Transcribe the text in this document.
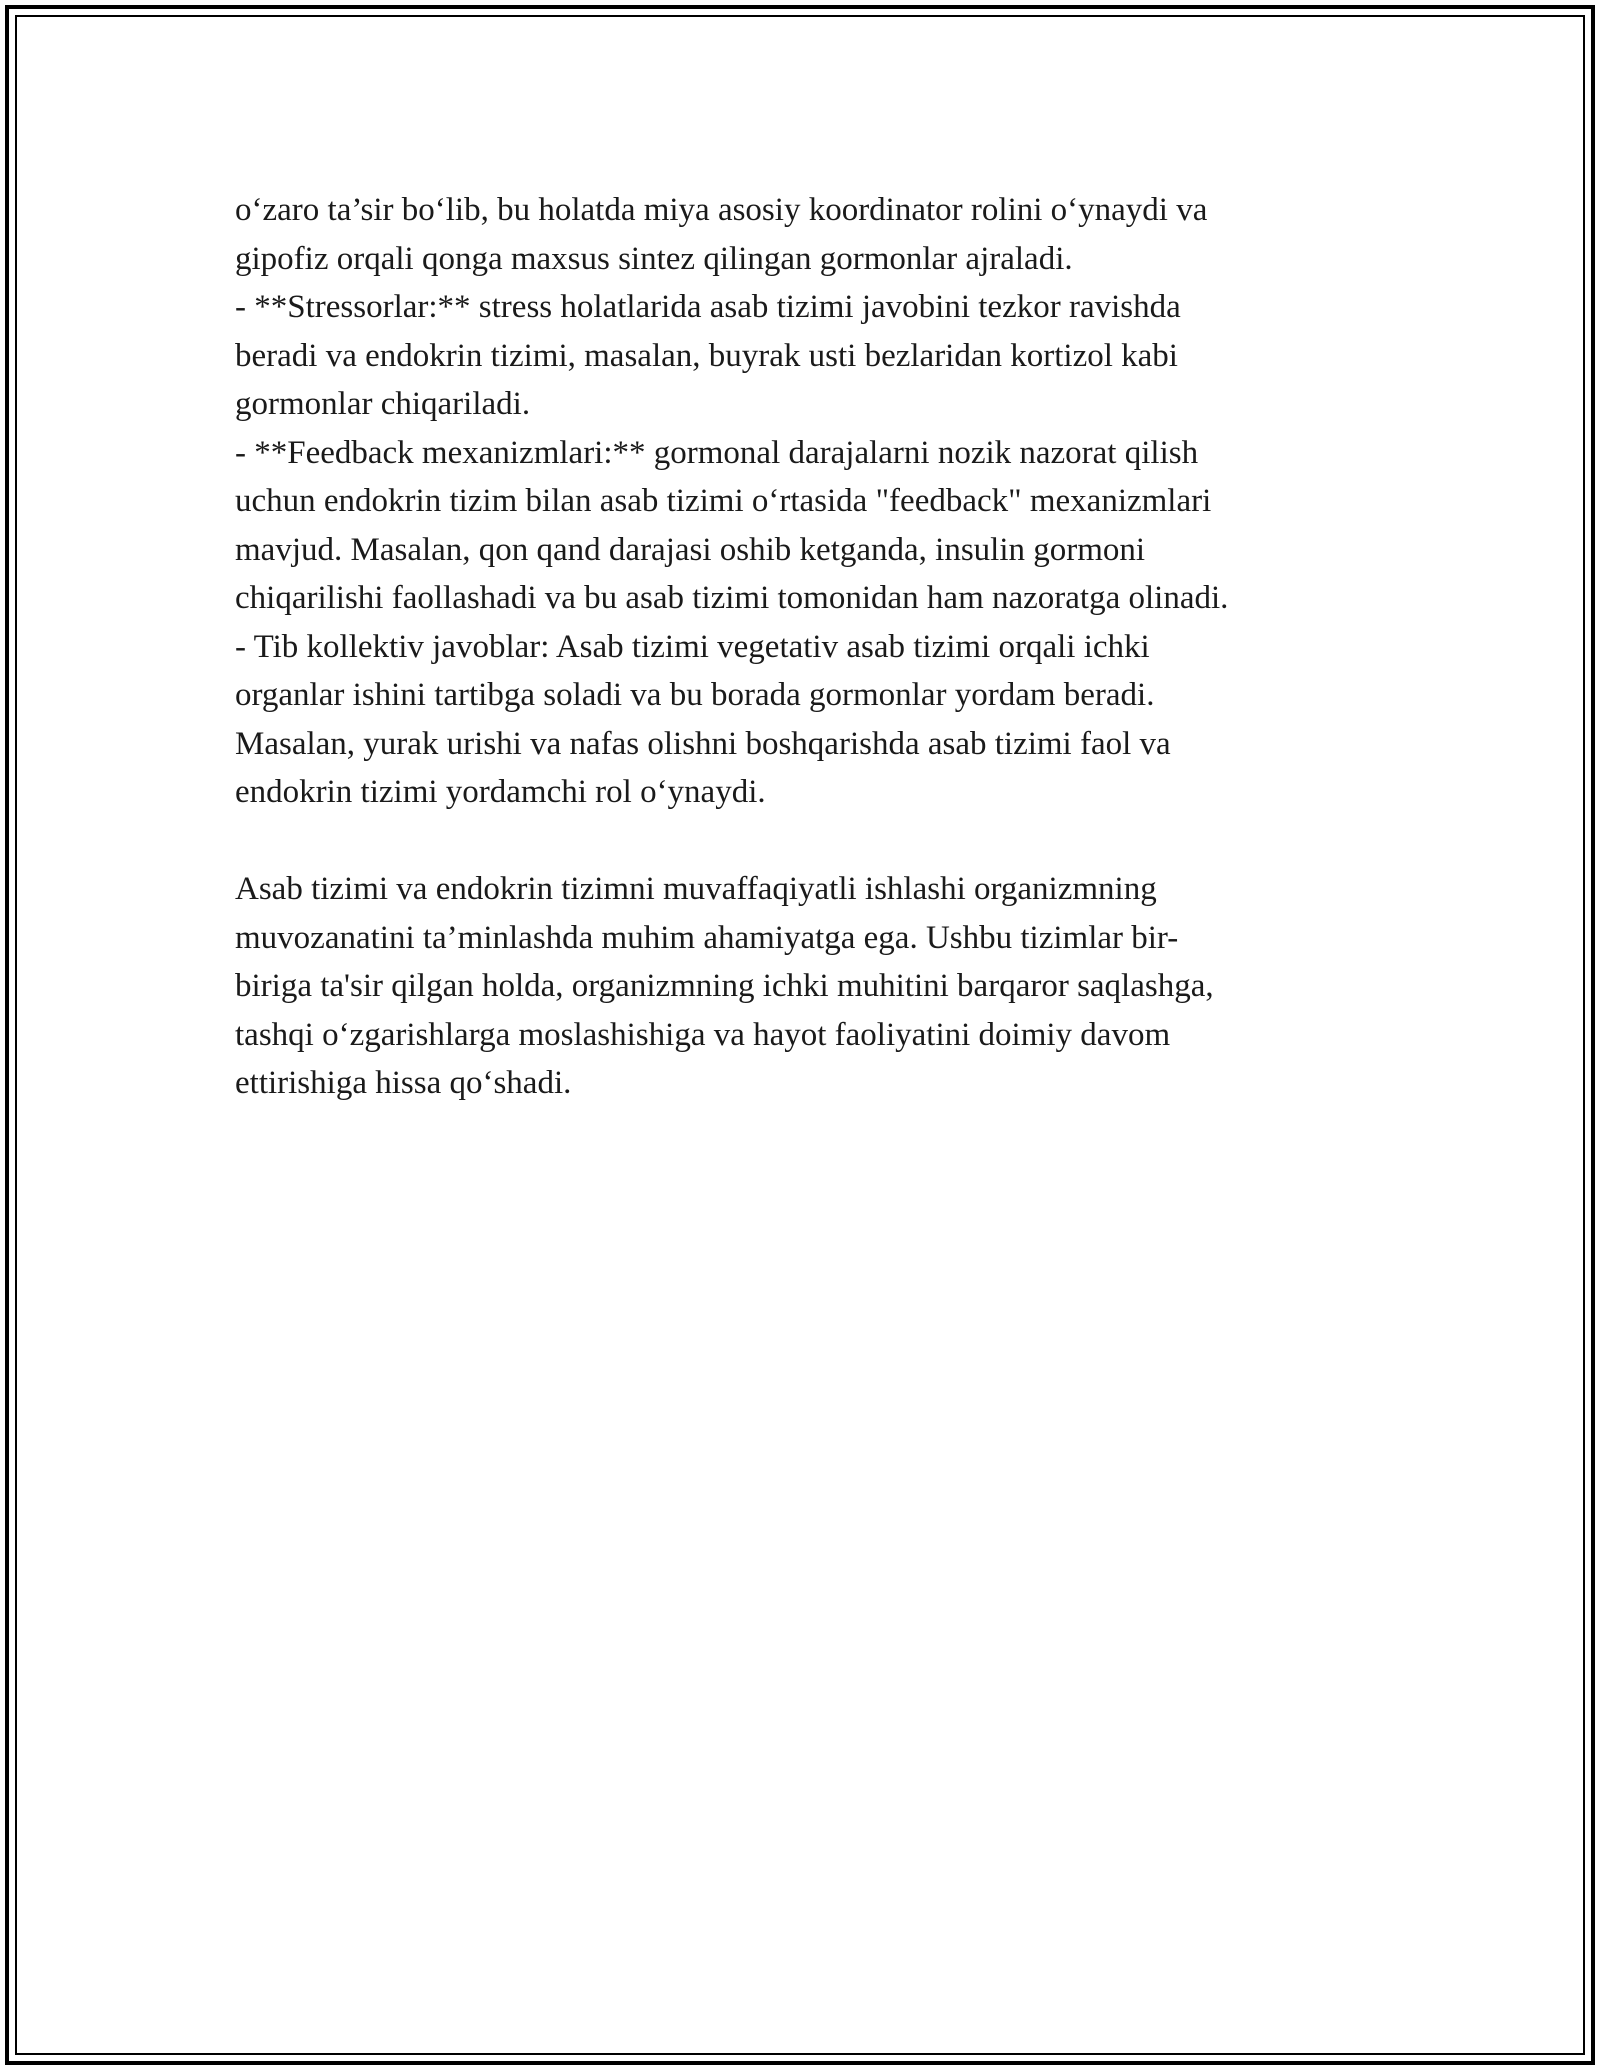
o‘zaro ta’sir bo‘lib, bu holatda miya asosiy koordinator rolini o‘ynaydi va
gipofiz orqali qonga maxsus sintez qilingan gormonlar ajraladi.
- **Stressorlar:** stress holatlarida asab tizimi javobini tezkor ravishda
beradi va endokrin tizimi, masalan, buyrak usti bezlaridan kortizol kabi
gormonlar chiqariladi.
- **Feedback mexanizmlari:** gormonal darajalarni nozik nazorat qilish
uchun endokrin tizim bilan asab tizimi o‘rtasida "feedback" mexanizmlari
mavjud. Masalan, qon qand darajasi oshib ketganda, insulin gormoni
chiqarilishi faollashadi va bu asab tizimi tomonidan ham nazoratga olinadi.
- Tib kollektiv javoblar: Asab tizimi vegetativ asab tizimi orqali ichki
organlar ishini tartibga soladi va bu borada gormonlar yordam beradi.
Masalan, yurak urishi va nafas olishni boshqarishda asab tizimi faol va
endokrin tizimi yordamchi rol o‘ynaydi.
Asab tizimi va endokrin tizimni muvaffaqiyatli ishlashi organizmning
muvozanatini ta’minlashda muhim ahamiyatga ega. Ushbu tizimlar bir-
biriga ta'sir qilgan holda, organizmning ichki muhitini barqaror saqlashga,
tashqi o‘zgarishlarga moslashishiga va hayot faoliyatini doimiy davom
ettirishiga hissa qo‘shadi.
